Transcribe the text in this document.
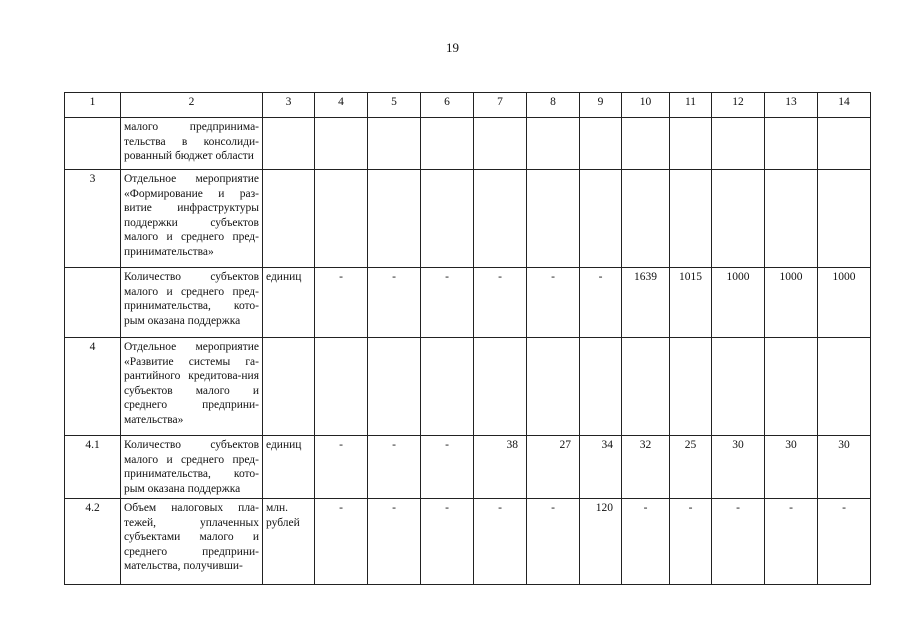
19
1	2	3	4	5	6	7	8	9	10	11	12	13	14
	малого предпринима-тельства в консолиди-рованный бюджет области												
3	Отдельное мероприятие «Формирование и раз-витие инфраструктуры поддержки субъектов малого и среднего пред-принимательства»												
	Количество субъектов малого и среднего пред-принимательства, кото-рым оказана поддержка	единиц	-	-	-	-	-	-	1639	1015	1000	1000	1000
4	Отдельное мероприятие «Развитие системы га-рантийного кредитова-ния субъектов малого и среднего предприни-мательства»												
4.1	Количество субъектов малого и среднего пред-принимательства, кото-рым оказана поддержка	единиц	-	-	-	38	27	34	32	25	30	30	30
4.2	Объем налоговых пла-тежей, уплаченных субъектами малого и среднего предприни-мательства, получивши-	млн. рублей	-	-	-	-	-	120	-	-	-	-	-
